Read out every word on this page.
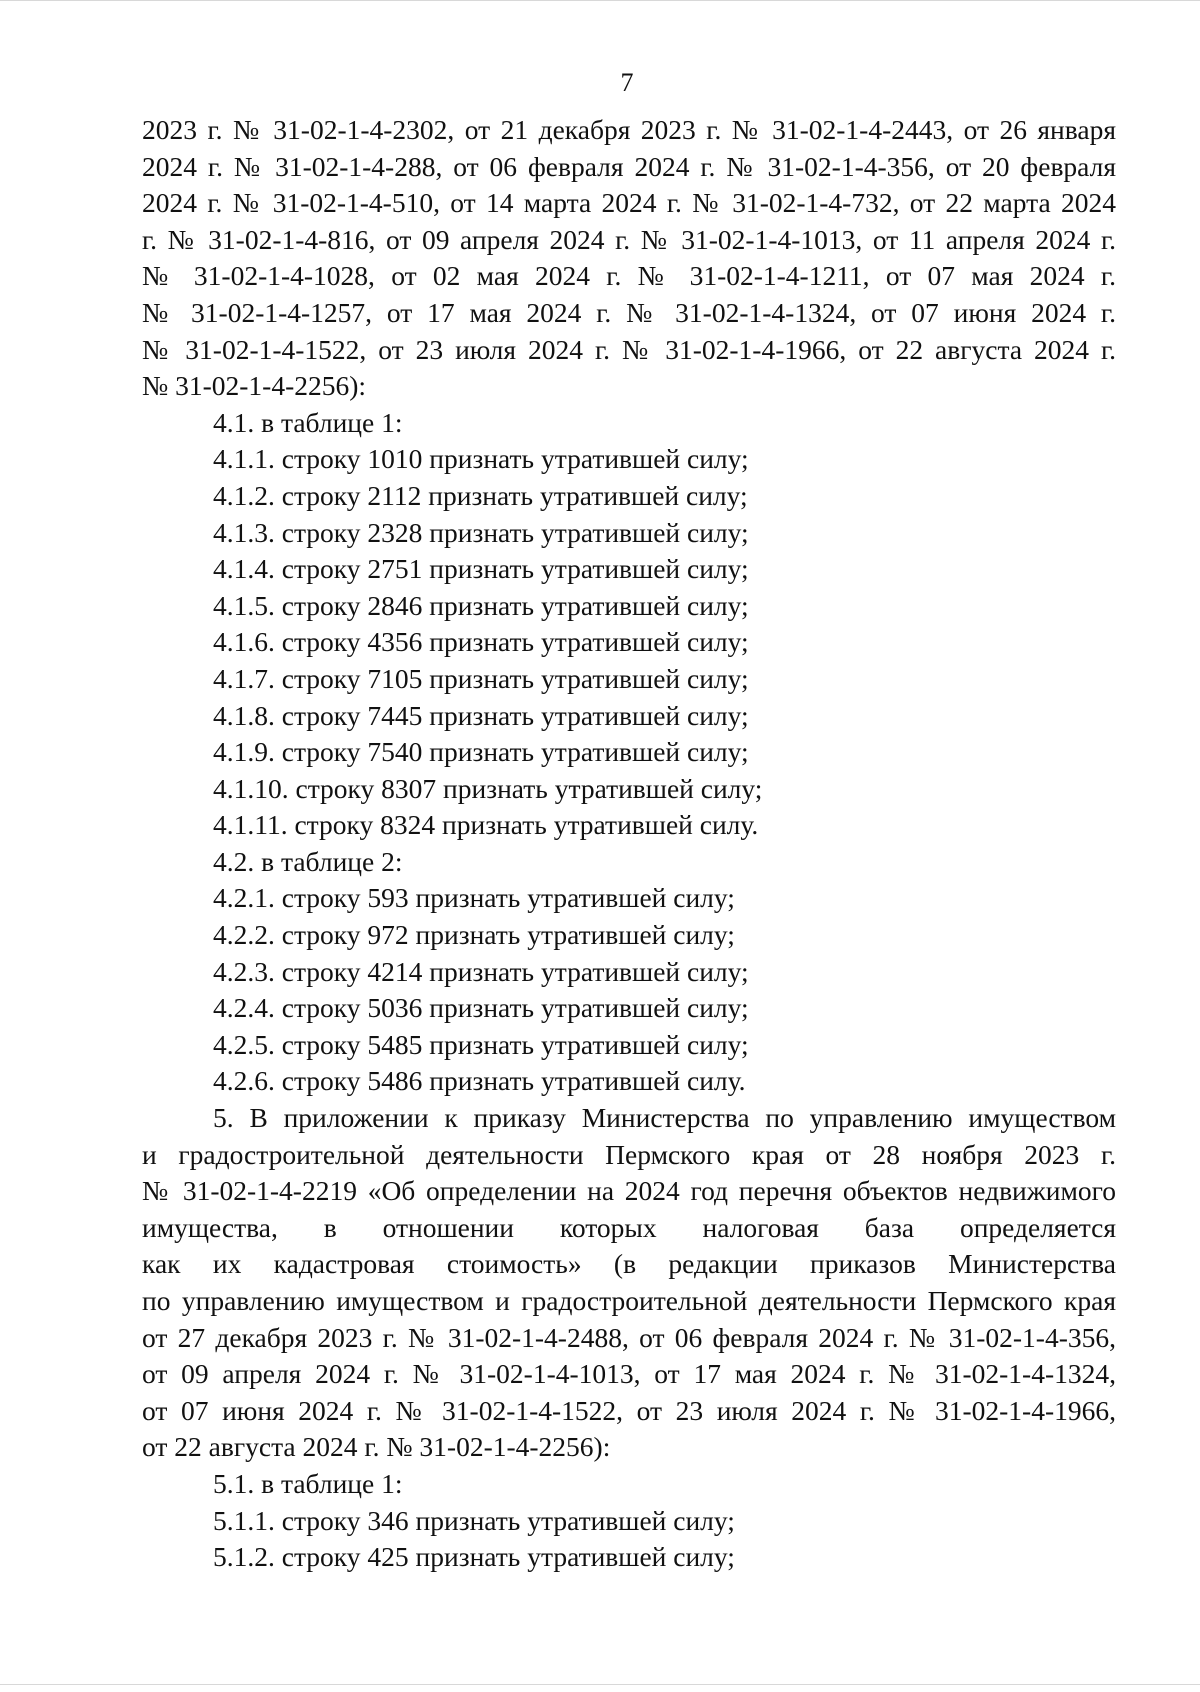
7
2023 г. № 31-02-1-4-2302, от 21 декабря 2023 г. № 31-02-1-4-2443, от 26 января
2024 г. № 31-02-1-4-288, от 06 февраля 2024 г. № 31-02-1-4-356, от 20 февраля
2024 г. № 31-02-1-4-510, от 14 марта 2024 г. № 31-02-1-4-732, от 22 марта 2024
г. № 31-02-1-4-816, от 09 апреля 2024 г. № 31-02-1-4-1013, от 11 апреля 2024 г.
№ 31-02-1-4-1028, от 02 мая 2024 г. № 31-02-1-4-1211, от 07 мая 2024 г.
№ 31-02-1-4-1257, от 17 мая 2024 г. № 31-02-1-4-1324, от 07 июня 2024 г.
№ 31-02-1-4-1522, от 23 июля 2024 г. № 31-02-1-4-1966, от 22 августа 2024 г.
№ 31-02-1-4-2256):

4.1. в таблице 1:

4.1.1. строку 1010 признать утратившей силу;

4.1.2. строку 2112 признать утратившей силу;

4.1.3. строку 2328 признать утратившей силу;

4.1.4. строку 2751 признать утратившей силу;

4.1.5. строку 2846 признать утратившей силу;

4.1.6. строку 4356 признать утратившей силу;

4.1.7. строку 7105 признать утратившей силу;

4.1.8. строку 7445 признать утратившей силу;

4.1.9. строку 7540 признать утратившей силу;

4.1.10. строку 8307 признать утратившей силу;

4.1.11. строку 8324 признать утратившей силу.

4.2. в таблице 2:

4.2.1. строку 593 признать утратившей силу;

4.2.2. строку 972 признать утратившей силу;

4.2.3. строку 4214 признать утратившей силу;

4.2.4. строку 5036 признать утратившей силу;

4.2.5. строку 5485 признать утратившей силу;

4.2.6. строку 5486 признать утратившей силу.

5. В приложении к приказу Министерства по управлению имуществом
и градостроительной деятельности Пермского края от 28 ноября 2023 г.
№ 31-02-1-4-2219 «Об определении на 2024 год перечня объектов недвижимого
имущества, в отношении которых налоговая база определяется
как их кадастровая стоимость» (в редакции приказов Министерства
по управлению имуществом и градостроительной деятельности Пермского края
от 27 декабря 2023 г. № 31-02-1-4-2488, от 06 февраля 2024 г. № 31-02-1-4-356,
от 09 апреля 2024 г. № 31-02-1-4-1013, от 17 мая 2024 г. № 31-02-1-4-1324,
от 07 июня 2024 г. № 31-02-1-4-1522, от 23 июля 2024 г. № 31-02-1-4-1966,
от 22 августа 2024 г. № 31-02-1-4-2256):

5.1. в таблице 1:

5.1.1. строку 346 признать утратившей силу;

5.1.2. строку 425 признать утратившей силу;
